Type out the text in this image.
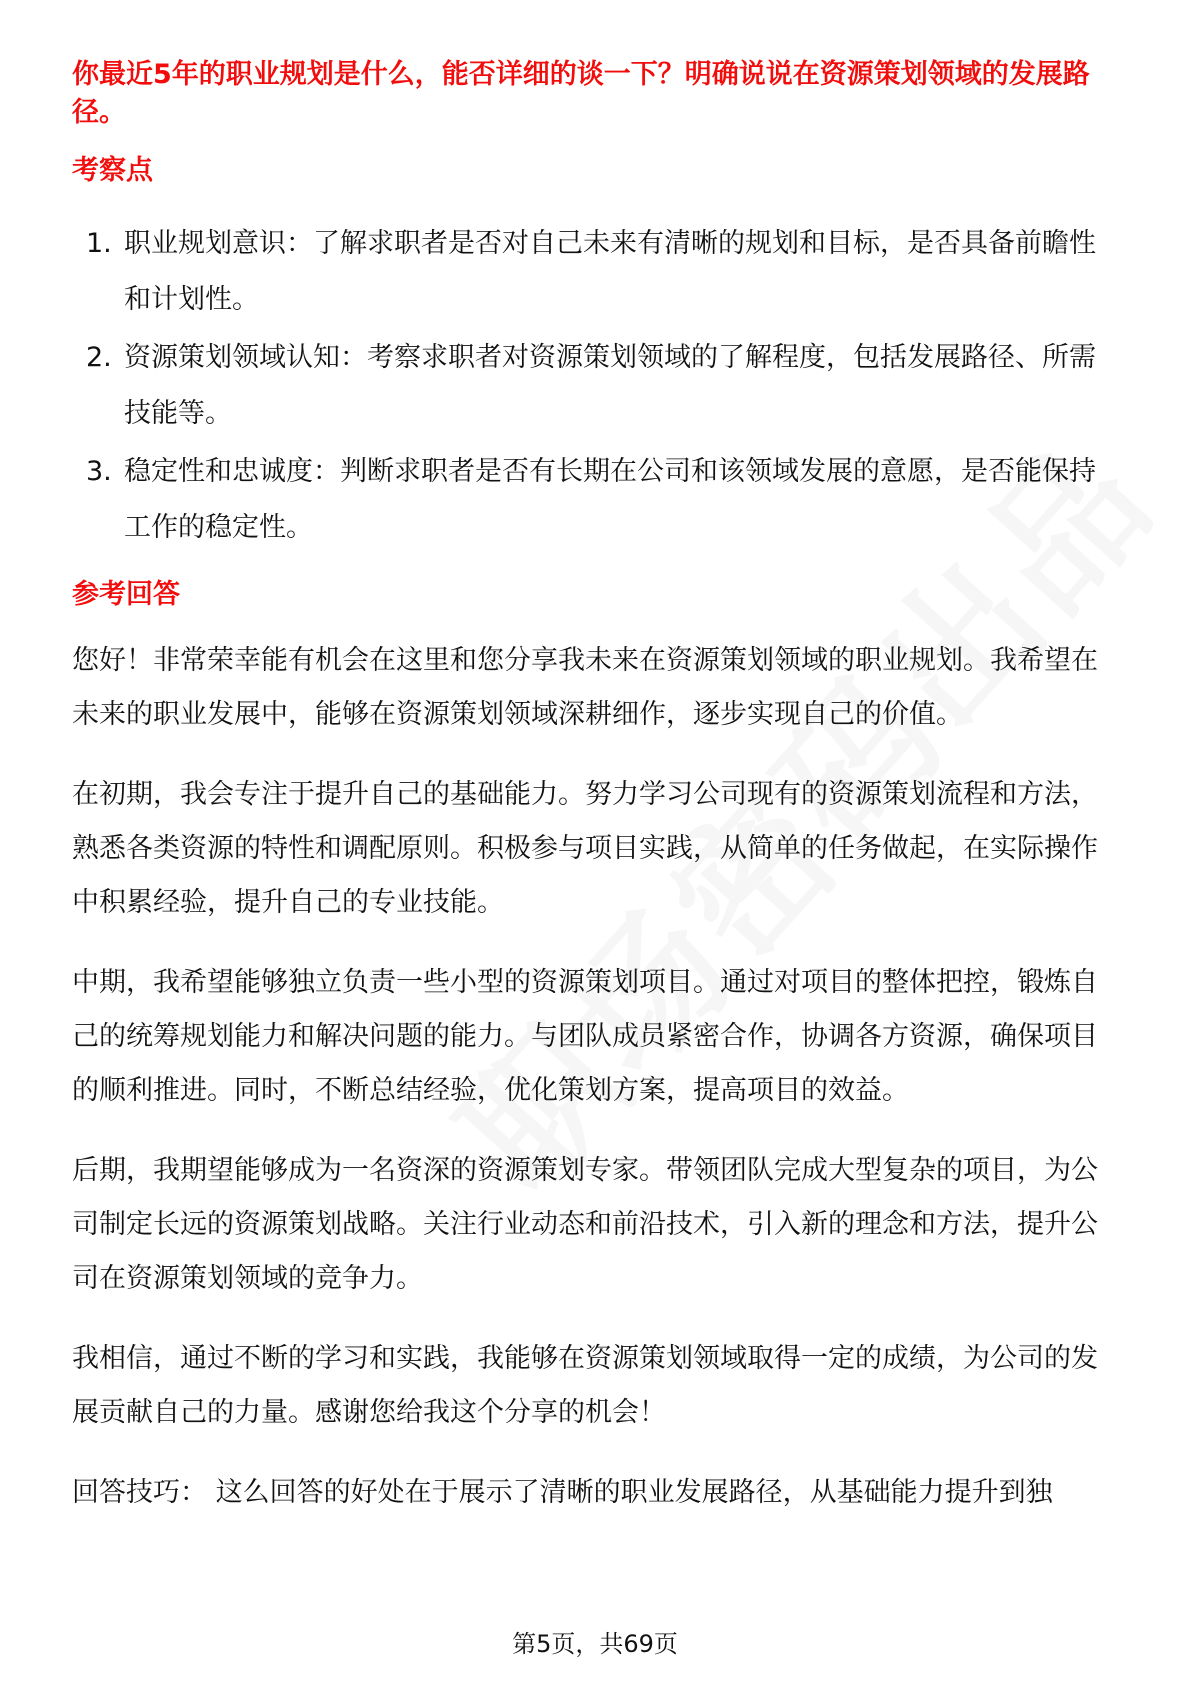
你最近5年的职业规划是什么，能否详细的谈一下？明确说说在资源策划领域的发展路径。

考察点

1. 职业规划意识：了解求职者是否对自己未来有清晰的规划和目标，是否具备前瞻性和计划性。
2. 资源策划领域认知：考察求职者对资源策划领域的了解程度，包括发展路径、所需技能等。
3. 稳定性和忠诚度：判断求职者是否有长期在公司和该领域发展的意愿，是否能保持工作的稳定性。

参考回答

您好！非常荣幸能有机会在这里和您分享我未来在资源策划领域的职业规划。我希望在未来的职业发展中，能够在资源策划领域深耕细作，逐步实现自己的价值。

在初期，我会专注于提升自己的基础能力。努力学习公司现有的资源策划流程和方法，熟悉各类资源的特性和调配原则。积极参与项目实践，从简单的任务做起，在实际操作中积累经验，提升自己的专业技能。

中期，我希望能够独立负责一些小型的资源策划项目。通过对项目的整体把控，锻炼自己的统筹规划能力和解决问题的能力。与团队成员紧密合作，协调各方资源，确保项目的顺利推进。同时，不断总结经验，优化策划方案，提高项目的效益。

后期，我期望能够成为一名资深的资源策划专家。带领团队完成大型复杂的项目，为公司制定长远的资源策划战略。关注行业动态和前沿技术，引入新的理念和方法，提升公司在资源策划领域的竞争力。

我相信，通过不断的学习和实践，我能够在资源策划领域取得一定的成绩，为公司的发展贡献自己的力量。感谢您给我这个分享的机会！

回答技巧： 这么回答的好处在于展示了清晰的职业发展路径，从基础能力提升到独

第5页，共69页
